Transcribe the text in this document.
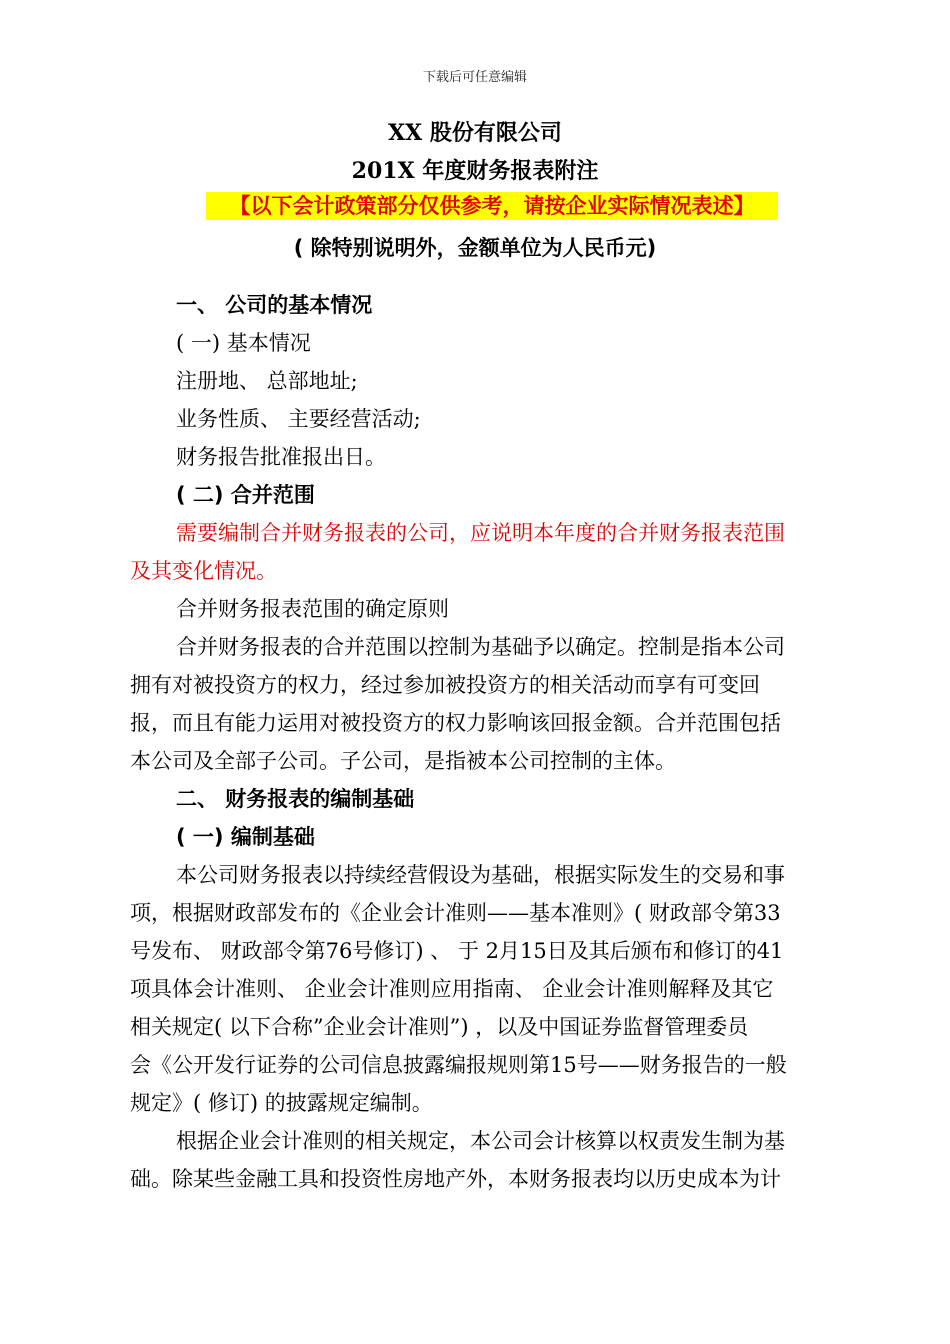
下载后可任意编辑
XX 股份有限公司
201X 年度财务报表附注
【以下会计政策部分仅供参考，请按企业实际情况表述】
( 除特别说明外，金额单位为人民币元)
一、 公司的基本情况
( 一) 基本情况
注册地、 总部地址;
业务性质、 主要经营活动;
财务报告批准报出日。
( 二) 合并范围
需要编制合并财务报表的公司，应说明本年度的合并财务报表范围
及其变化情况。
合并财务报表范围的确定原则
合并财务报表的合并范围以控制为基础予以确定。控制是指本公司
拥有对被投资方的权力，经过参加被投资方的相关活动而享有可变回
报，而且有能力运用对被投资方的权力影响该回报金额。合并范围包括
本公司及全部子公司。子公司，是指被本公司控制的主体。
二、 财务报表的编制基础
( 一) 编制基础
本公司财务报表以持续经营假设为基础，根据实际发生的交易和事
项，根据财政部发布的《企业会计准则——基本准则》( 财政部令第33
号发布、 财政部令第76号修订) 、 于 2月15日及其后颁布和修订的41
项具体会计准则、 企业会计准则应用指南、 企业会计准则解释及其它
相关规定( 以下合称”企业会计准则”) ，以及中国证券监督管理委员
会《公开发行证券的公司信息披露编报规则第15号——财务报告的一般
规定》( 修订) 的披露规定编制。
根据企业会计准则的相关规定，本公司会计核算以权责发生制为基
础。除某些金融工具和投资性房地产外，本财务报表均以历史成本为计
